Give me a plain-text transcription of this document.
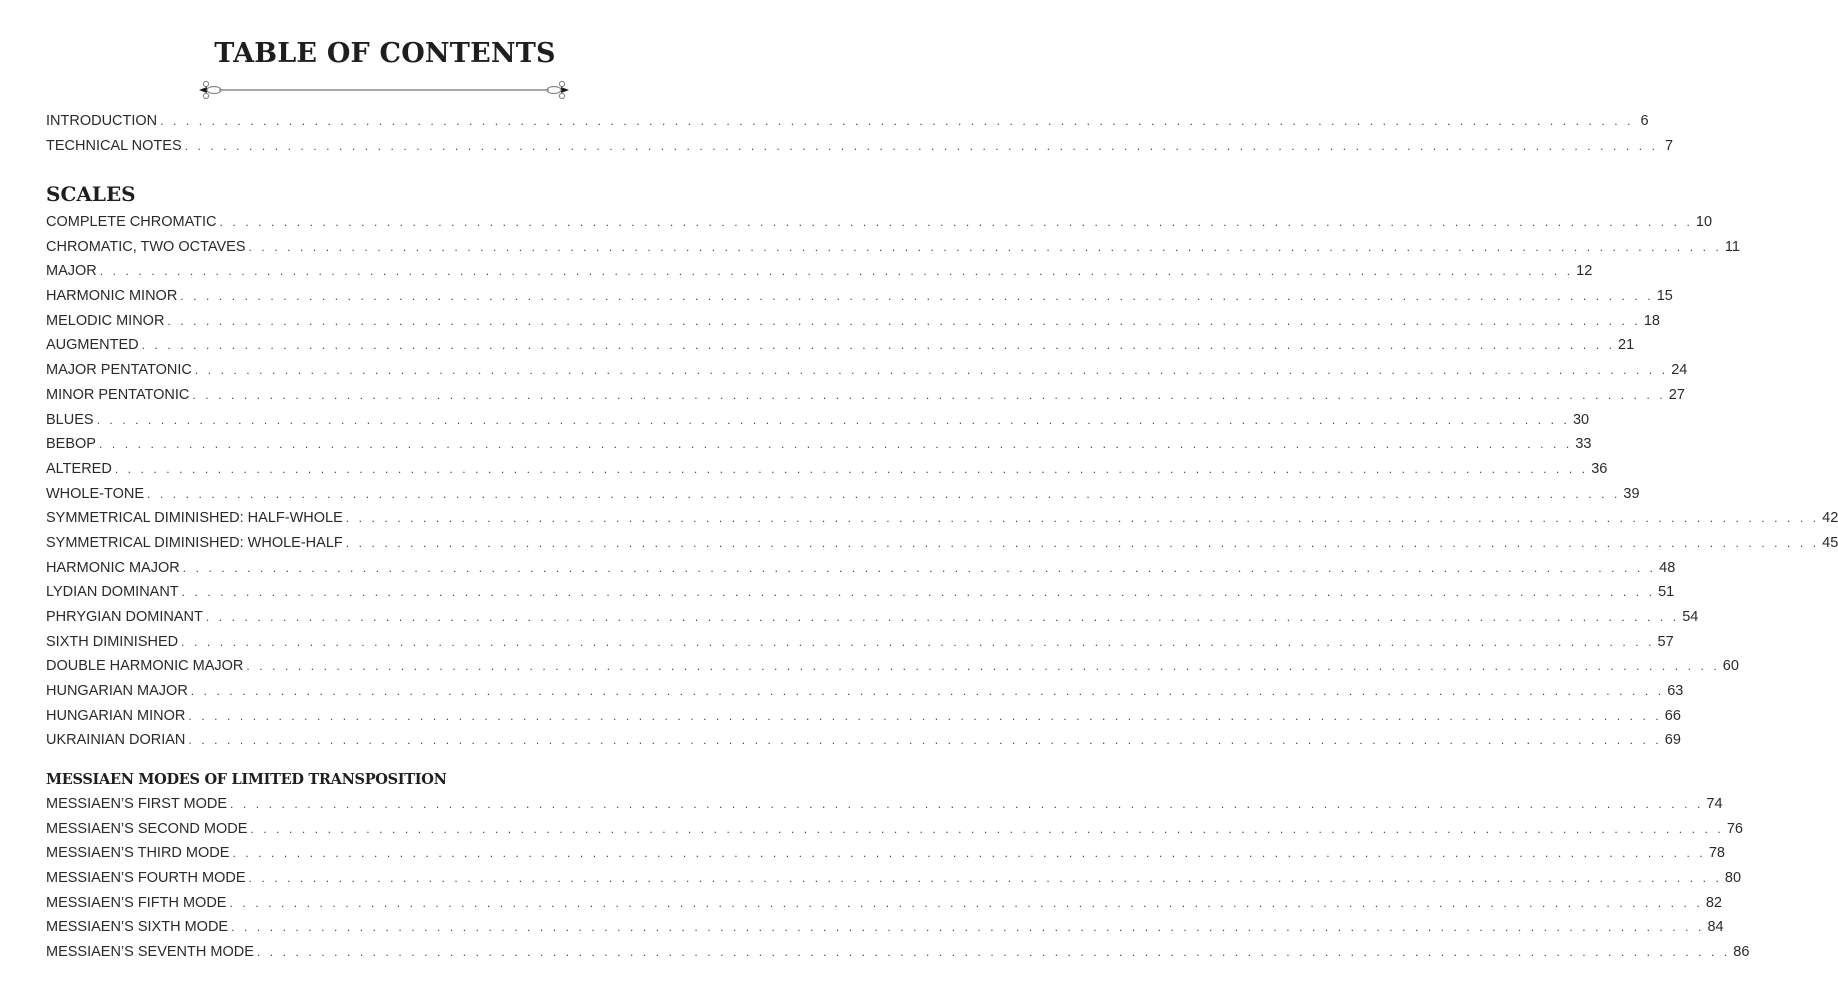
TABLE OF CONTENTS
INTRODUCTION . . . . . . . . . . . . . . . . . . . . . . . . . . . . . . . . . . . . . . . . . . . . . . . . . . . . . . . . . . . . . . . . . . . . . . . . . . . . . . . . . . . . . . . . . . . . . . . . . . . . . . . . . . . . . . . . . . . 6
TECHNICAL NOTES . . . . . . . . . . . . . . . . . . . . . . . . . . . . . . . . . . . . . . . . . . . . . . . . . . . . . . . . . . . . . . . . . . . . . . . . . . . . . . . . . . . . . . . . . . . . . . . . . . . . . . . . . . . . . . . . . . . 7
SCALES
COMPLETE CHROMATIC . . . . . . . . . . . . . . . . . . . . . . . . . . . . . . . . . . . . . . . . . . . . . . . . . . . . . . . . . . . . . . . . . . . . . . . . . . . . . . . . . . . . . . . . . . . . . . . . . . . . . . . . . . . . . . . . . . . 10
CHROMATIC, TWO OCTAVES . . . . . . . . . . . . . . . . . . . . . . . . . . . . . . . . . . . . . . . . . . . . . . . . . . . . . . . . . . . . . . . . . . . . . . . . . . . . . . . . . . . . . . . . . . . . . . . . . . . . . . . . . . . . . . . . . . . 11
MAJOR . . . . . . . . . . . . . . . . . . . . . . . . . . . . . . . . . . . . . . . . . . . . . . . . . . . . . . . . . . . . . . . . . . . . . . . . . . . . . . . . . . . . . . . . . . . . . . . . . . . . . . . . . . . . . . . . . . . 12
HARMONIC MINOR . . . . . . . . . . . . . . . . . . . . . . . . . . . . . . . . . . . . . . . . . . . . . . . . . . . . . . . . . . . . . . . . . . . . . . . . . . . . . . . . . . . . . . . . . . . . . . . . . . . . . . . . . . . . . . . . . . . 15
MELODIC MINOR . . . . . . . . . . . . . . . . . . . . . . . . . . . . . . . . . . . . . . . . . . . . . . . . . . . . . . . . . . . . . . . . . . . . . . . . . . . . . . . . . . . . . . . . . . . . . . . . . . . . . . . . . . . . . . . . . . . 18
AUGMENTED . . . . . . . . . . . . . . . . . . . . . . . . . . . . . . . . . . . . . . . . . . . . . . . . . . . . . . . . . . . . . . . . . . . . . . . . . . . . . . . . . . . . . . . . . . . . . . . . . . . . . . . . . . . . . . . . . . . 21
MAJOR PENTATONIC . . . . . . . . . . . . . . . . . . . . . . . . . . . . . . . . . . . . . . . . . . . . . . . . . . . . . . . . . . . . . . . . . . . . . . . . . . . . . . . . . . . . . . . . . . . . . . . . . . . . . . . . . . . . . . . . . . . 24
MINOR PENTATONIC . . . . . . . . . . . . . . . . . . . . . . . . . . . . . . . . . . . . . . . . . . . . . . . . . . . . . . . . . . . . . . . . . . . . . . . . . . . . . . . . . . . . . . . . . . . . . . . . . . . . . . . . . . . . . . . . . . . 27
BLUES . . . . . . . . . . . . . . . . . . . . . . . . . . . . . . . . . . . . . . . . . . . . . . . . . . . . . . . . . . . . . . . . . . . . . . . . . . . . . . . . . . . . . . . . . . . . . . . . . . . . . . . . . . . . . . . . . . . 30
BEBOP . . . . . . . . . . . . . . . . . . . . . . . . . . . . . . . . . . . . . . . . . . . . . . . . . . . . . . . . . . . . . . . . . . . . . . . . . . . . . . . . . . . . . . . . . . . . . . . . . . . . . . . . . . . . . . . . . . . 33
ALTERED . . . . . . . . . . . . . . . . . . . . . . . . . . . . . . . . . . . . . . . . . . . . . . . . . . . . . . . . . . . . . . . . . . . . . . . . . . . . . . . . . . . . . . . . . . . . . . . . . . . . . . . . . . . . . . . . . . . 36
WHOLE-TONE . . . . . . . . . . . . . . . . . . . . . . . . . . . . . . . . . . . . . . . . . . . . . . . . . . . . . . . . . . . . . . . . . . . . . . . . . . . . . . . . . . . . . . . . . . . . . . . . . . . . . . . . . . . . . . . . . . . 39
SYMMETRICAL DIMINISHED: HALF-WHOLE . . . . . . . . . . . . . . . . . . . . . . . . . . . . . . . . . . . . . . . . . . . . . . . . . . . . . . . . . . . . . . . . . . . . . . . . . . . . . . . . . . . . . . . . . . . . . . . . . . . . . . . . . . . . . . . . . . . 42
SYMMETRICAL DIMINISHED: WHOLE-HALF . . . . . . . . . . . . . . . . . . . . . . . . . . . . . . . . . . . . . . . . . . . . . . . . . . . . . . . . . . . . . . . . . . . . . . . . . . . . . . . . . . . . . . . . . . . . . . . . . . . . . . . . . . . . . . . . . . . 45
HARMONIC MAJOR . . . . . . . . . . . . . . . . . . . . . . . . . . . . . . . . . . . . . . . . . . . . . . . . . . . . . . . . . . . . . . . . . . . . . . . . . . . . . . . . . . . . . . . . . . . . . . . . . . . . . . . . . . . . . . . . . . . 48
LYDIAN DOMINANT . . . . . . . . . . . . . . . . . . . . . . . . . . . . . . . . . . . . . . . . . . . . . . . . . . . . . . . . . . . . . . . . . . . . . . . . . . . . . . . . . . . . . . . . . . . . . . . . . . . . . . . . . . . . . . . . . . . 51
PHRYGIAN DOMINANT . . . . . . . . . . . . . . . . . . . . . . . . . . . . . . . . . . . . . . . . . . . . . . . . . . . . . . . . . . . . . . . . . . . . . . . . . . . . . . . . . . . . . . . . . . . . . . . . . . . . . . . . . . . . . . . . . . . 54
SIXTH DIMINISHED . . . . . . . . . . . . . . . . . . . . . . . . . . . . . . . . . . . . . . . . . . . . . . . . . . . . . . . . . . . . . . . . . . . . . . . . . . . . . . . . . . . . . . . . . . . . . . . . . . . . . . . . . . . . . . . . . . . 57
DOUBLE HARMONIC MAJOR . . . . . . . . . . . . . . . . . . . . . . . . . . . . . . . . . . . . . . . . . . . . . . . . . . . . . . . . . . . . . . . . . . . . . . . . . . . . . . . . . . . . . . . . . . . . . . . . . . . . . . . . . . . . . . . . . . . 60
HUNGARIAN MAJOR . . . . . . . . . . . . . . . . . . . . . . . . . . . . . . . . . . . . . . . . . . . . . . . . . . . . . . . . . . . . . . . . . . . . . . . . . . . . . . . . . . . . . . . . . . . . . . . . . . . . . . . . . . . . . . . . . . . 63
HUNGARIAN MINOR . . . . . . . . . . . . . . . . . . . . . . . . . . . . . . . . . . . . . . . . . . . . . . . . . . . . . . . . . . . . . . . . . . . . . . . . . . . . . . . . . . . . . . . . . . . . . . . . . . . . . . . . . . . . . . . . . . . 66
UKRAINIAN DORIAN . . . . . . . . . . . . . . . . . . . . . . . . . . . . . . . . . . . . . . . . . . . . . . . . . . . . . . . . . . . . . . . . . . . . . . . . . . . . . . . . . . . . . . . . . . . . . . . . . . . . . . . . . . . . . . . . . . . 69
MESSIAEN MODES OF LIMITED TRANSPOSITION
MESSIAEN’S FIRST MODE . . . . . . . . . . . . . . . . . . . . . . . . . . . . . . . . . . . . . . . . . . . . . . . . . . . . . . . . . . . . . . . . . . . . . . . . . . . . . . . . . . . . . . . . . . . . . . . . . . . . . . . . . . . . . . . . . . . 74
MESSIAEN’S SECOND MODE . . . . . . . . . . . . . . . . . . . . . . . . . . . . . . . . . . . . . . . . . . . . . . . . . . . . . . . . . . . . . . . . . . . . . . . . . . . . . . . . . . . . . . . . . . . . . . . . . . . . . . . . . . . . . . . . . . . 76
MESSIAEN’S THIRD MODE . . . . . . . . . . . . . . . . . . . . . . . . . . . . . . . . . . . . . . . . . . . . . . . . . . . . . . . . . . . . . . . . . . . . . . . . . . . . . . . . . . . . . . . . . . . . . . . . . . . . . . . . . . . . . . . . . . . 78
MESSIAEN’S FOURTH MODE . . . . . . . . . . . . . . . . . . . . . . . . . . . . . . . . . . . . . . . . . . . . . . . . . . . . . . . . . . . . . . . . . . . . . . . . . . . . . . . . . . . . . . . . . . . . . . . . . . . . . . . . . . . . . . . . . . . 80
MESSIAEN’S FIFTH MODE . . . . . . . . . . . . . . . . . . . . . . . . . . . . . . . . . . . . . . . . . . . . . . . . . . . . . . . . . . . . . . . . . . . . . . . . . . . . . . . . . . . . . . . . . . . . . . . . . . . . . . . . . . . . . . . . . . . 82
MESSIAEN’S SIXTH MODE . . . . . . . . . . . . . . . . . . . . . . . . . . . . . . . . . . . . . . . . . . . . . . . . . . . . . . . . . . . . . . . . . . . . . . . . . . . . . . . . . . . . . . . . . . . . . . . . . . . . . . . . . . . . . . . . . . . 84
MESSIAEN’S SEVENTH MODE . . . . . . . . . . . . . . . . . . . . . . . . . . . . . . . . . . . . . . . . . . . . . . . . . . . . . . . . . . . . . . . . . . . . . . . . . . . . . . . . . . . . . . . . . . . . . . . . . . . . . . . . . . . . . . . . . . . 86
